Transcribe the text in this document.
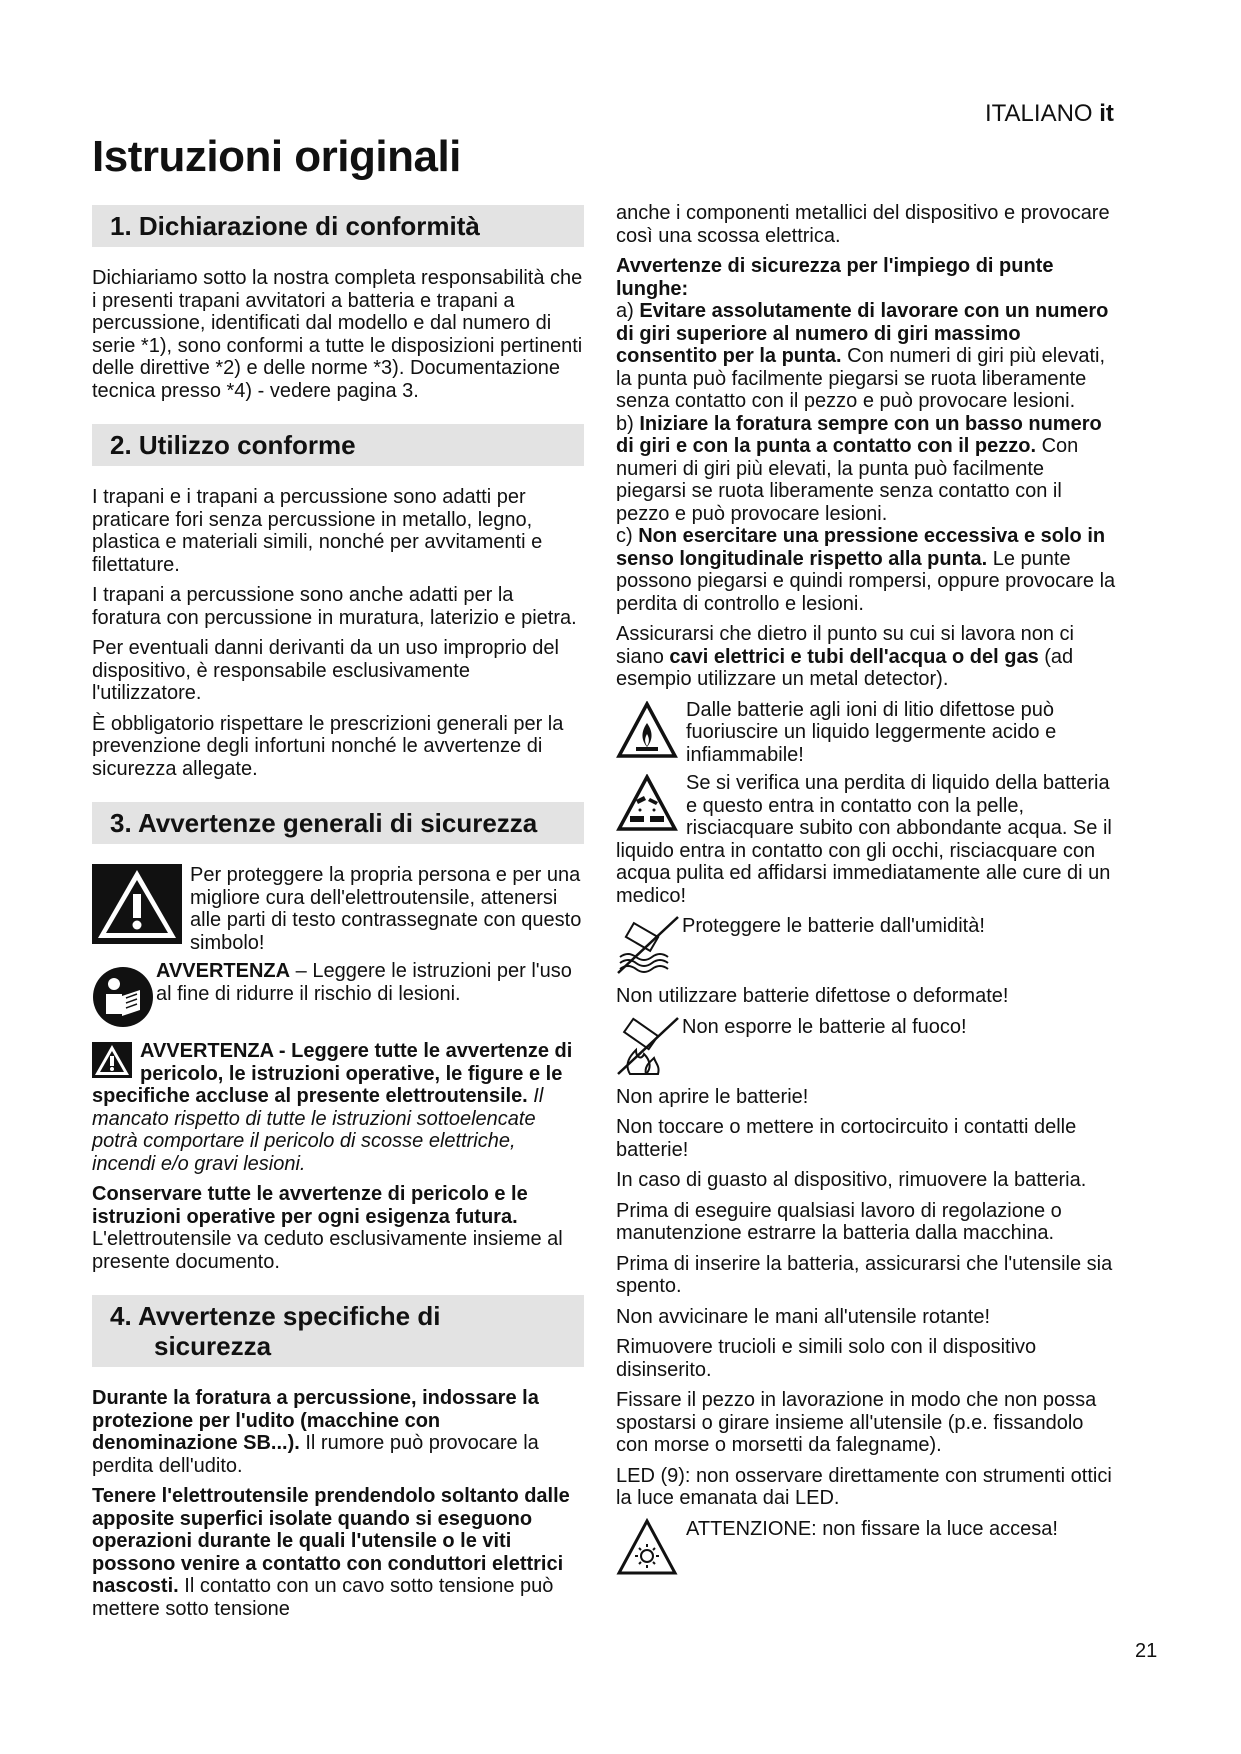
ITALIANO it
Istruzioni originali
1. Dichiarazione di conformità

Dichiariamo sotto la nostra completa responsabilità che i presenti trapani avvitatori a batteria e trapani a percussione, identificati dal modello e dal numero di serie *1), sono conformi a tutte le disposizioni pertinenti delle direttive *2) e delle norme *3). Documentazione tecnica presso *4) - vedere pagina 3.

2. Utilizzo conforme

I trapani e i trapani a percussione sono adatti per praticare fori senza percussione in metallo, legno, plastica e materiali simili, nonché per avvitamenti e filettature.

I trapani a percussione sono anche adatti per la foratura con percussione in muratura, laterizio e pietra.

Per eventuali danni derivanti da un uso improprio del dispositivo, è responsabile esclusivamente l'utilizzatore.

È obbligatorio rispettare le prescrizioni generali per la prevenzione degli infortuni nonché le avvertenze di sicurezza allegate.

3. Avvertenze generali di sicurezza

Per proteggere la propria persona e per una migliore cura dell'elettroutensile, attenersi alle parti di testo contrassegnate con questo simbolo!

AVVERTENZA – Leggere le istruzioni per l'uso al fine di ridurre il rischio di lesioni.

AVVERTENZA - Leggere tutte le avvertenze di pericolo, le istruzioni operative, le figure e le specifiche accluse al presente elettroutensile. Il mancato rispetto di tutte le istruzioni sottoelencate potrà comportare il pericolo di scosse elettriche, incendi e/o gravi lesioni.

Conservare tutte le avvertenze di pericolo e le istruzioni operative per ogni esigenza futura. L'elettroutensile va ceduto esclusivamente insieme al presente documento.

4. Avvertenze specifiche di
sicurezza

Durante la foratura a percussione, indossare la protezione per l'udito (macchine con denominazione SB...). Il rumore può provocare la perdita dell'udito.

Tenere l'elettroutensile prendendolo soltanto dalle apposite superfici isolate quando si eseguono operazioni durante le quali l'utensile o le viti possono venire a contatto con conduttori elettrici nascosti. Il contatto con un cavo sotto tensione può mettere sotto tensione

anche i componenti metallici del dispositivo e provocare così una scossa elettrica.

Avvertenze di sicurezza per l'impiego di punte lunghe:

a) Evitare assolutamente di lavorare con un numero di giri superiore al numero di giri massimo consentito per la punta. Con numeri di giri più elevati, la punta può facilmente piegarsi se ruota liberamente senza contatto con il pezzo e può provocare lesioni.

b) Iniziare la foratura sempre con un basso numero di giri e con la punta a contatto con il pezzo. Con numeri di giri più elevati, la punta può facilmente piegarsi se ruota liberamente senza contatto con il pezzo e può provocare lesioni.

c) Non esercitare una pressione eccessiva e solo in senso longitudinale rispetto alla punta. Le punte possono piegarsi e quindi rompersi, oppure provocare la perdita di controllo e lesioni.

Assicurarsi che dietro il punto su cui si lavora non ci siano cavi elettrici e tubi dell'acqua o del gas (ad esempio utilizzare un metal detector).

Dalle batterie agli ioni di litio difettose può fuoriuscire un liquido leggermente acido e infiammabile!

Se si verifica una perdita di liquido della batteria e questo entra in contatto con la pelle, risciacquare subito con abbondante acqua. Se il liquido entra in contatto con gli occhi, risciacquare con acqua pulita ed affidarsi immediatamente alle cure di un medico!

Proteggere le batterie dall'umidità!

Non utilizzare batterie difettose o deformate!

Non esporre le batterie al fuoco!

Non aprire le batterie!

Non toccare o mettere in cortocircuito i contatti delle batterie!

In caso di guasto al dispositivo, rimuovere la batteria.

Prima di eseguire qualsiasi lavoro di regolazione o manutenzione estrarre la batteria dalla macchina.

Prima di inserire la batteria, assicurarsi che l'utensile sia spento.

Non avvicinare le mani all'utensile rotante!

Rimuovere trucioli e simili solo con il dispositivo disinserito.

Fissare il pezzo in lavorazione in modo che non possa spostarsi o girare insieme all'utensile (p.e. fissandolo con morse o morsetti da falegname).

LED (9): non osservare direttamente con strumenti ottici la luce emanata dai LED.

ATTENZIONE: non fissare la luce accesa!

21
